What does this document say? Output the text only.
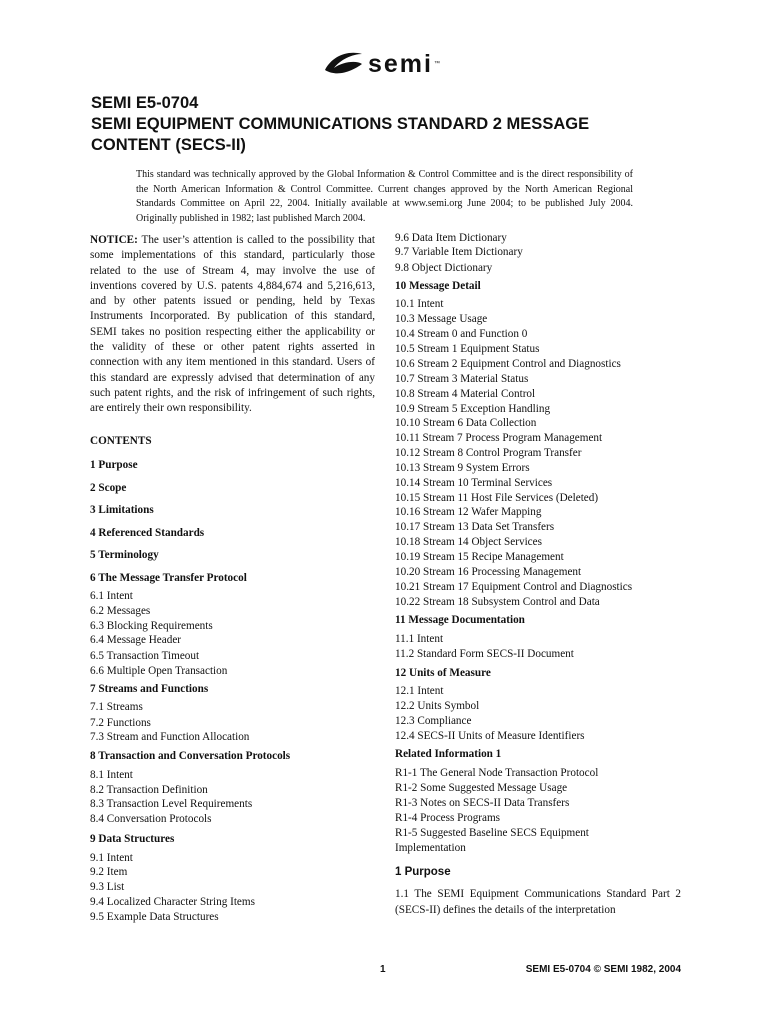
semi ™
SEMI E5-0704
SEMI EQUIPMENT COMMUNICATIONS STANDARD 2 MESSAGE
CONTENT (SECS-II)
This standard was technically approved by the Global Information & Control Committee and is the direct responsibility of the North American Information & Control Committee. Current changes approved by the North American Regional Standards Committee on April 22, 2004. Initially available at www.semi.org June 2004; to be published July 2004. Originally published in 1982; last published March 2004.
NOTICE: The user’s attention is called to the possibility that some implementations of this standard, particularly those related to the use of Stream 4, may involve the use of inventions covered by U.S. patents 4,884,674 and 5,216,613, and by other patents issued or pending, held by Texas Instruments Incorporated. By publication of this standard, SEMI takes no position respecting either the applicability or the validity of these or other patent rights asserted in connection with any item mentioned in this standard. Users of this standard are expressly advised that determination of any such patent rights, and the risk of infringement of such rights, are entirely their own responsibility.
CONTENTS
1 Purpose
2 Scope
3 Limitations
4 Referenced Standards
5 Terminology
6 The Message Transfer Protocol
6.1 Intent
6.2 Messages
6.3 Blocking Requirements
6.4 Message Header
6.5 Transaction Timeout
6.6 Multiple Open Transaction
7 Streams and Functions
7.1 Streams
7.2 Functions
7.3 Stream and Function Allocation
8 Transaction and Conversation Protocols
8.1 Intent
8.2 Transaction Definition
8.3 Transaction Level Requirements
8.4 Conversation Protocols
9 Data Structures
9.1 Intent
9.2 Item
9.3 List
9.4 Localized Character String Items
9.5 Example Data Structures
9.6 Data Item Dictionary
9.7 Variable Item Dictionary
9.8 Object Dictionary
10 Message Detail
10.1 Intent
10.3 Message Usage
10.4 Stream 0 and Function 0
10.5 Stream 1 Equipment Status
10.6 Stream 2 Equipment Control and Diagnostics
10.7 Stream 3 Material Status
10.8 Stream 4 Material Control
10.9 Stream 5 Exception Handling
10.10 Stream 6 Data Collection
10.11 Stream 7 Process Program Management
10.12 Stream 8 Control Program Transfer
10.13 Stream 9 System Errors
10.14 Stream 10 Terminal Services
10.15 Stream 11 Host File Services (Deleted)
10.16 Stream 12 Wafer Mapping
10.17 Stream 13 Data Set Transfers
10.18 Stream 14 Object Services
10.19 Stream 15 Recipe Management
10.20 Stream 16 Processing Management
10.21 Stream 17 Equipment Control and Diagnostics
10.22 Stream 18 Subsystem Control and Data
11 Message Documentation
11.1 Intent
11.2 Standard Form SECS-II Document
12 Units of Measure
12.1 Intent
12.2 Units Symbol
12.3 Compliance
12.4 SECS-II Units of Measure Identifiers
Related Information 1
R1-1 The General Node Transaction Protocol
R1-2 Some Suggested Message Usage
R1-3 Notes on SECS-II Data Transfers
R1-4 Process Programs
R1-5 Suggested Baseline SECS Equipment Implementation
1 Purpose
1.1 The SEMI Equipment Communications Standard Part 2 (SECS-II) defines the details of the interpretation
1	SEMI E5-0704 © SEMI 1982, 2004
